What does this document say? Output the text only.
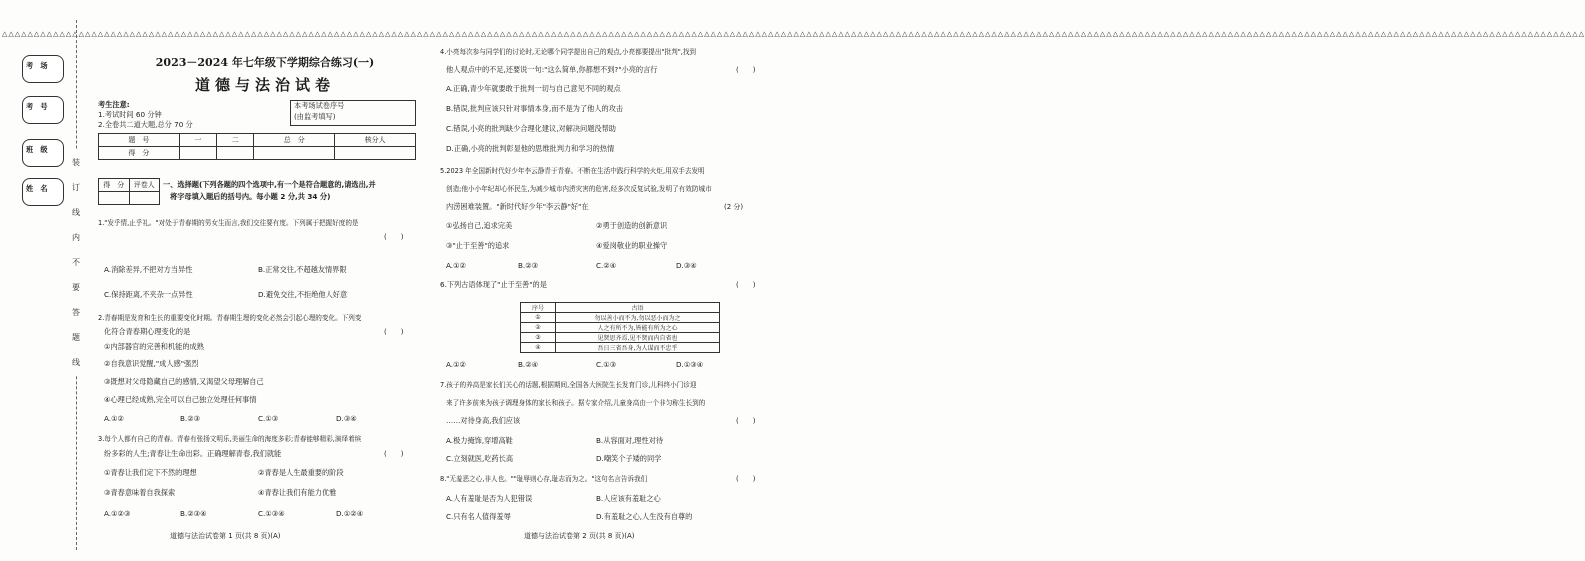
△△△△△△△△△△△△△△△△△△△△△△△△△△△△△△△△△△△△△△△△△△△△△△△△△△△△△△△△△△△△△△△△△△△△△△△△△△△△△△△△△△△△△△△△△△△△△△△△△△△△△△△△△△△△△△△△△△△△△△△△△△△△△△△△△△△△△△△△△△△△△△△△△△△△△△△△△△△△△△△△△△△△△△△△△△△△△△△△△△△△△△△△△△△△△△△△△△△△△△△△△△△△△△△△△△△△△△△△△△△△△△△△△△△△△△△△△△△△△△△△△△△△△△△△
考　场
考　号
班　级
姓　名
装
订
线
内
不
要
答
题
线
2023－2024 年七年级下学期综合练习(一)
道德与法治试卷
考生注意:
1.考试时间 60 分钟
2.全卷共二道大题,总分 70 分
本考场试卷序号
(由监考填写)
题　号	一	二	总　分	核分人
得　分				
得　分	评卷人
	一、选择题(下列各题的四个选项中,有一个是符合题意的,请选出,并
将字母填入题后的括号内。每小题 2 分,共 34 分)
1."发乎情,止乎礼。"对处于青春期的男女生而言,我们交往要有度。下列属于把握好度的是
(　　)
A.消除差异,不把对方当异性	B.正常交往,不超越友情界限
C.保持距离,不夹杂一点异性	D.避免交往,不拒绝他人好意
2.青春期是发育和生长的重要变化时期。青春期生理的变化必然会引起心理的变化。下列变
化符合青春期心理变化的是	(　　)
①内部器官的完善和机能的成熟
②自我意识觉醒,"成人感"强烈
③既想对父母隐藏自己的感情,又渴望父母理解自己
④心理已经成熟,完全可以自己独立处理任何事情
A.①②	B.②③	C.①③	D.③④
3.每个人都有自己的青春。青春有张扬文明乐,美丽生命的海度多彩;青春能够精彩,演绎着缤
纷多彩的人生;青春让生命出彩。正确理解青春,我们就能	(　　)
①青春让我们定下不然的理想	②青春是人生最重要的阶段
③青春意味着自我探索	④青春让我们有能力优雅
A.①②③	B.②③④	C.①③④	D.①②④
道德与法治试卷第 1 页(共 8 页)(A)
4.小亮每次参与同学们的讨论时,无论哪个同学提出自己的观点,小亮都要提出"批判",找到
他人观点中的不足,还要说一句:"这么简单,你都想不到?"小亮的言行	(　　)
A.正确,青少年就要敢于批判一切与自己意见不同的观点
B.错误,批判应该只针对事情本身,而不是为了他人的攻击
C.错误,小亮的批判缺少合理化建议,对解决问题没帮助
D.正确,小亮的批判彰显他的思维批判力和学习的热情
5.2023 年全国新时代好少年李云静青于青春。不断在生活中践行科学的火炬,用双手去发明
创造;他小小年纪却心怀民生,为减少城市内涝灾害的危害,经多次反复试验,发明了有效防城市
内涝困难装置。"新时代好少年"李云静"好"在	(2 分)
①弘扬自己,追求完美	②勇于创造的创新意识
③"止于至善"的追求	④爱岗敬业的职业操守
A.①②	B.②③	C.②④	D.③④
6.下列古语体现了"止于至善"的是	(　　)
序号	古语
①	勿以善小而不为,勿以恶小而为之
②	人之有所不为,皆能有所为之心
③	见贤思齐焉,见不贤而内自省也
④	吾日三省吾身,为人谋而不忠乎
A.①②	B.②④	C.①③	D.①③④
7.孩子的养高是家长们关心的话题,根据期间,全国各大医院生长发育门诊,儿科终小门诊迎
来了许多前来为孩子调理身体的家长和孩子。据专家介绍,儿童身高由一个非匀称生长到的
……对待身高,我们应该	(　　)
A.极力掩饰,穿增高鞋	B.从容面对,理性对待
C.立刻就医,吃药长高	D.嘲笑个子矮的同学
8."无羞恶之心,非人也。""耻辱则心存,耻志而为之。"这句名言告诉我们	(　　)
A.人有羞耻是否为人犯错误	B.人应该有羞耻之心
C.只有名人值得羞辱	D.有羞耻之心,人生没有自尊的
道德与法治试卷第 2 页(共 8 页)(A)
